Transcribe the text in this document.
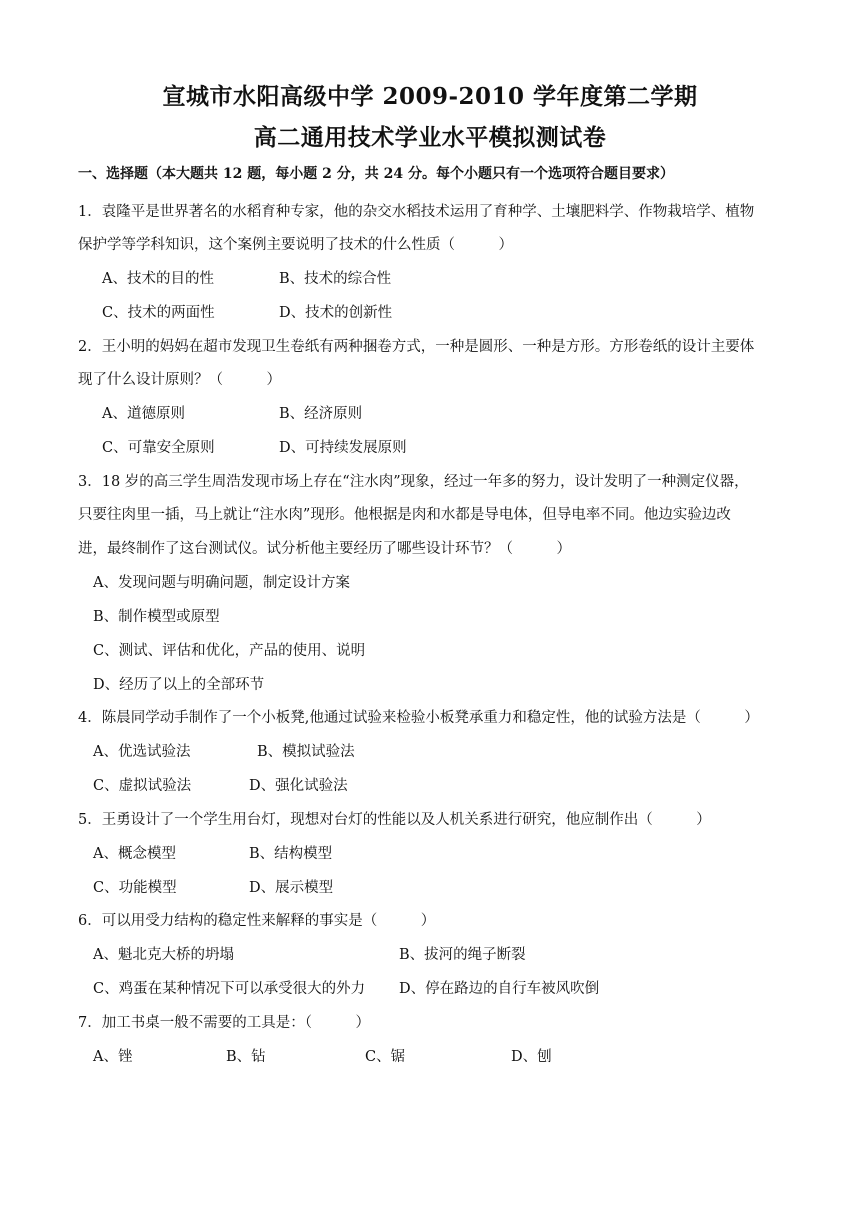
宣城市水阳高级中学 2009-2010 学年度第二学期
高二通用技术学业水平模拟测试卷
一、选择题（本大题共 12 题，每小题 2 分，共 24 分。每个小题只有一个选项符合题目要求）
1．袁隆平是世界著名的水稻育种专家，他的杂交水稻技术运用了育种学、土壤肥料学、作物栽培学、植物
保护学等学科知识，这个案例主要说明了技术的什么性质（　　　）
A、技术的目的性	B、技术的综合性
C、技术的两面性	D、技术的创新性
2．王小明的妈妈在超市发现卫生卷纸有两种捆卷方式，一种是圆形、一种是方形。方形卷纸的设计主要体
现了什么设计原则？（　　　）
A、道德原则	B、经济原则
C、可靠安全原则	D、可持续发展原则
3．18 岁的高三学生周浩发现市场上存在“注水肉”现象，经过一年多的努力，设计发明了一种测定仪器，
只要往肉里一插，马上就让“注水肉”现形。他根据是肉和水都是导电体，但导电率不同。他边实验边改
进，最终制作了这台测试仪。试分析他主要经历了哪些设计环节？（　　　）
A、发现问题与明确问题，制定设计方案
B、制作模型或原型
C、测试、评估和优化，产品的使用、说明
D、经历了以上的全部环节
4．陈晨同学动手制作了一个小板凳,他通过试验来检验小板凳承重力和稳定性，他的试验方法是（　　　）
A、优选试验法	B、模拟试验法
C、虚拟试验法	D、强化试验法
5．王勇设计了一个学生用台灯，现想对台灯的性能以及人机关系进行研究，他应制作出（　　　）
A、概念模型	B、结构模型
C、功能模型	D、展示模型
6．可以用受力结构的稳定性来解释的事实是（　　　）
A、魁北克大桥的坍塌	B、拔河的绳子断裂
C、鸡蛋在某种情况下可以承受很大的外力 D、停在路边的自行车被风吹倒
7．加工书桌一般不需要的工具是：（　　　）
A、锉	B、钻	C、锯	D、刨
